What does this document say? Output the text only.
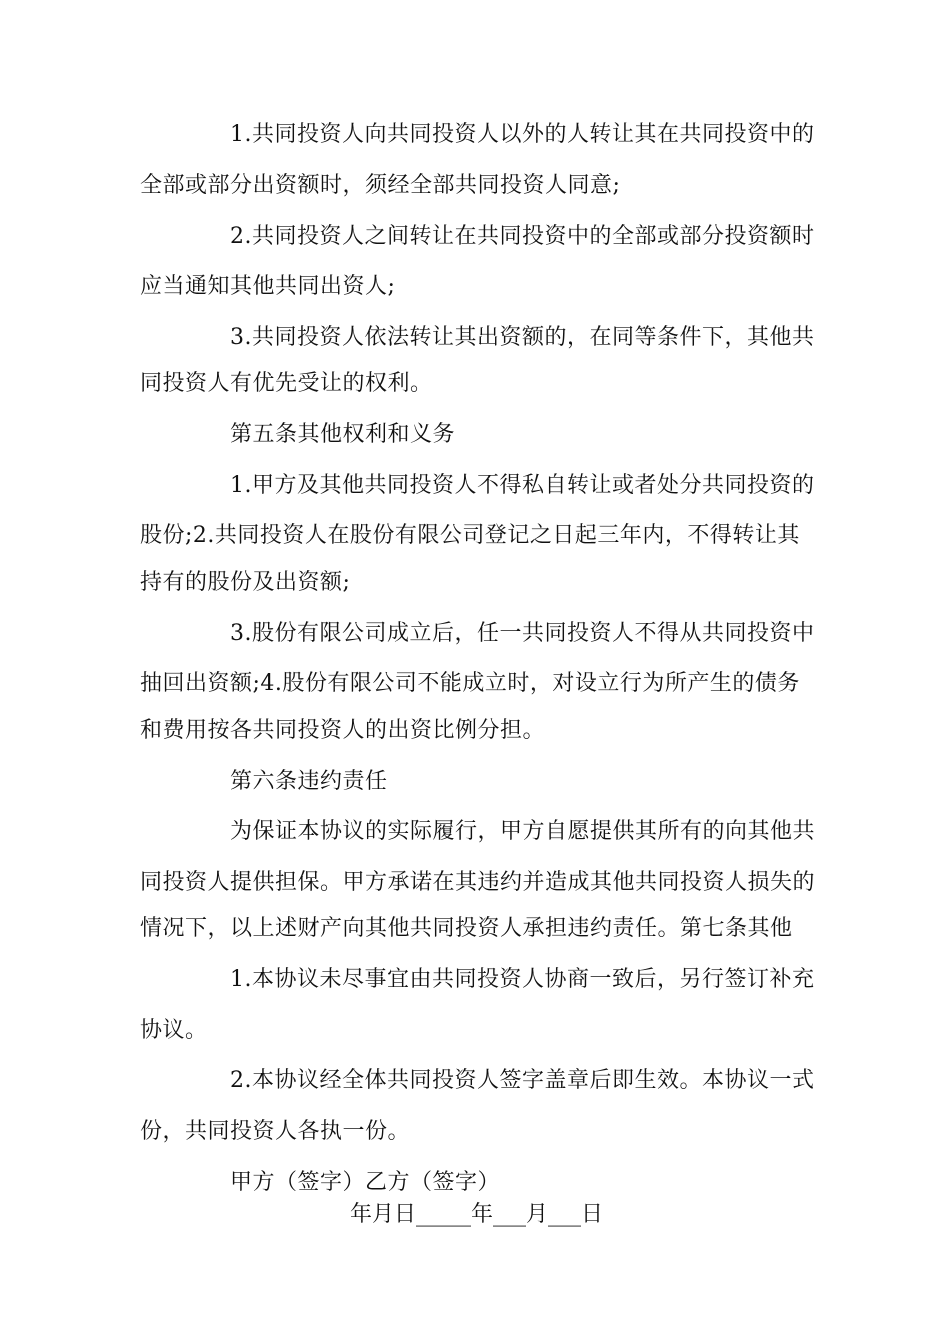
1.共同投资人向共同投资人以外的人转让其在共同投资中的
全部或部分出资额时，须经全部共同投资人同意;
2.共同投资人之间转让在共同投资中的全部或部分投资额时
应当通知其他共同出资人;
3.共同投资人依法转让其出资额的，在同等条件下，其他共
同投资人有优先受让的权利。
第五条其他权利和义务
1.甲方及其他共同投资人不得私自转让或者处分共同投资的
股份;2.共同投资人在股份有限公司登记之日起三年内，不得转让其
持有的股份及出资额;
3.股份有限公司成立后，任一共同投资人不得从共同投资中
抽回出资额;4.股份有限公司不能成立时，对设立行为所产生的债务
和费用按各共同投资人的出资比例分担。
第六条违约责任
为保证本协议的实际履行，甲方自愿提供其所有的向其他共
同投资人提供担保。甲方承诺在其违约并造成其他共同投资人损失的
情况下，以上述财产向其他共同投资人承担违约责任。第七条其他
1.本协议未尽事宜由共同投资人协商一致后，另行签订补充
协议。
2.本协议经全体共同投资人签字盖章后即生效。本协议一式
份，共同投资人各执一份。
甲方（签字）乙方（签字）
年月日_____年___月___日
